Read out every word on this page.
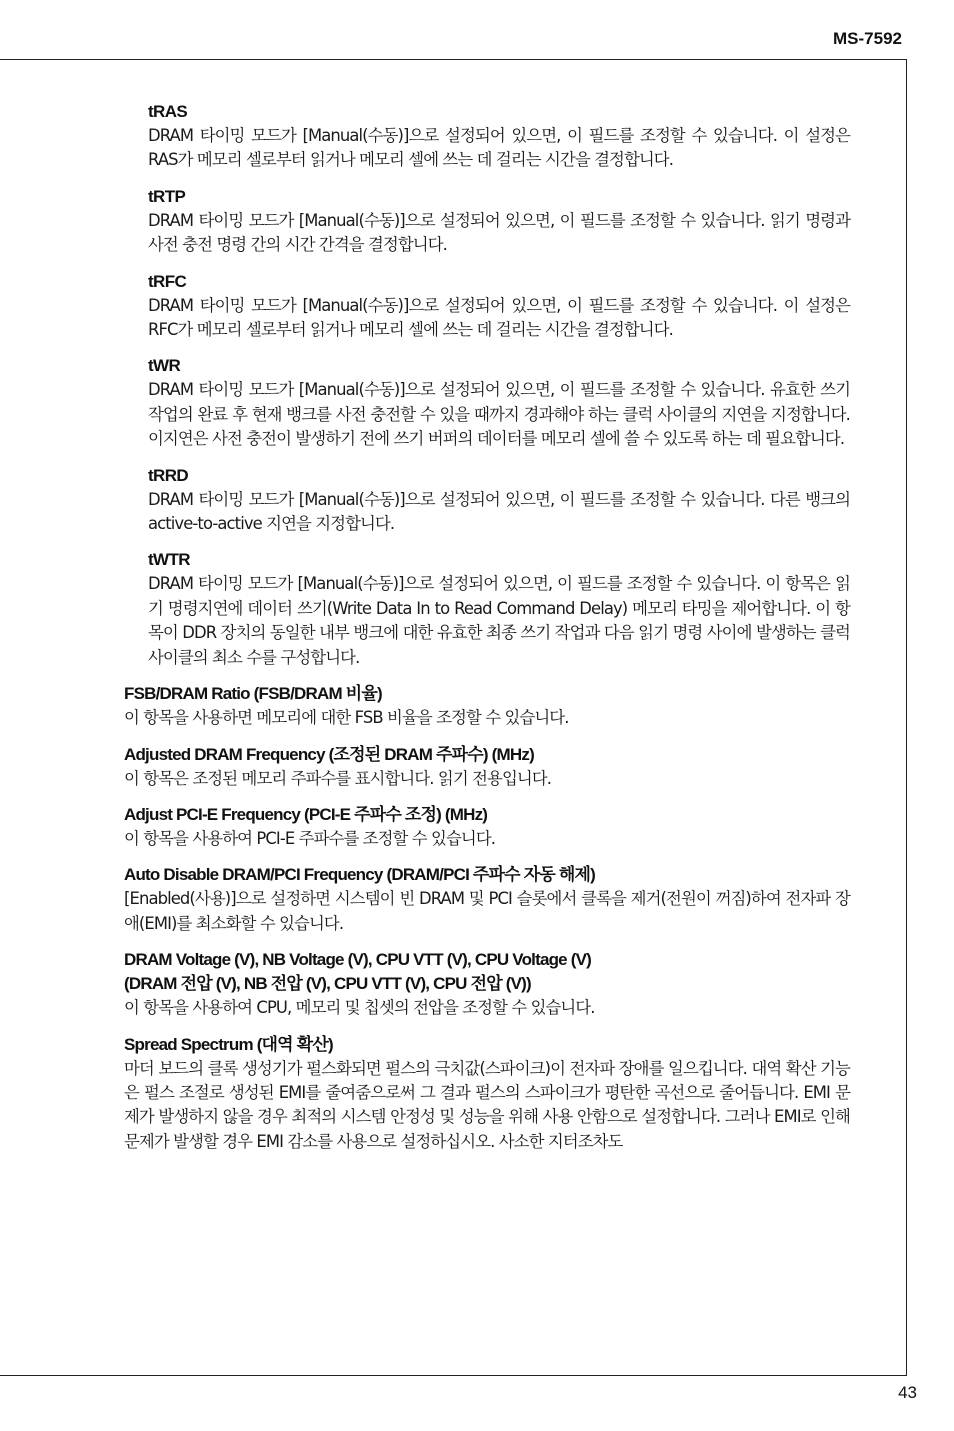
MS-7592
tRAS
DRAM 타이밍 모드가 [Manual(수동)]으로 설정되어 있으면, 이 필드를 조정할 수 있습니다. 이 설정은 RAS가 메모리 셀로부터 읽거나 메모리 셀에 쓰는 데 걸리는 시간을 결정합니다.
tRTP
DRAM 타이밍 모드가 [Manual(수동)]으로 설정되어 있으면, 이 필드를 조정할 수 있습니다. 읽기 명령과 사전 충전 명령 간의 시간 간격을 결정합니다.
tRFC
DRAM 타이밍 모드가 [Manual(수동)]으로 설정되어 있으면, 이 필드를 조정할 수 있습니다. 이 설정은 RFC가 메모리 셀로부터 읽거나 메모리 셀에 쓰는 데 걸리는 시간을 결정합니다.
tWR
DRAM 타이밍 모드가 [Manual(수동)]으로 설정되어 있으면, 이 필드를 조정할 수 있습니다. 유효한 쓰기 작업의 완료 후 현재 뱅크를 사전 충전할 수 있을 때까지 경과해야 하는 클럭 사이클의 지연을 지정합니다. 이지연은 사전 충전이 발생하기 전에 쓰기 버퍼의 데이터를 메모리 셀에 쓸 수 있도록 하는 데 필요합니다.
tRRD
DRAM 타이밍 모드가 [Manual(수동)]으로 설정되어 있으면, 이 필드를 조정할 수 있습니다. 다른 뱅크의 active-to-active 지연을 지정합니다.
tWTR
DRAM 타이밍 모드가 [Manual(수동)]으로 설정되어 있으면, 이 필드를 조정할 수 있습니다. 이 항목은 읽기 명령지연에 데이터 쓰기(Write Data In to Read Command Delay) 메모리 타밍을 제어합니다. 이 항목이 DDR 장치의 동일한 내부 뱅크에 대한 유효한 최종 쓰기 작업과 다음 읽기 명령 사이에 발생하는 클럭 사이클의 최소 수를 구성합니다.
FSB/DRAM Ratio (FSB/DRAM 비율)
이 항목을 사용하면 메모리에 대한 FSB 비율을 조정할 수 있습니다.
Adjusted DRAM Frequency (조정된 DRAM 주파수) (MHz)
이 항목은 조정된 메모리 주파수를 표시합니다. 읽기 전용입니다.
Adjust PCI-E Frequency (PCI-E 주파수 조정) (MHz)
이 항목을 사용하여 PCI-E 주파수를 조정할 수 있습니다.
Auto Disable DRAM/PCI Frequency (DRAM/PCI 주파수 자동 해제)
[Enabled(사용)]으로 설정하면 시스템이 빈 DRAM 및 PCI 슬롯에서 클록을 제거(전원이 꺼짐)하여 전자파 장애(EMI)를 최소화할 수 있습니다.
DRAM Voltage (V), NB Voltage (V), CPU VTT (V), CPU Voltage (V)
(DRAM 전압 (V), NB 전압 (V), CPU VTT (V), CPU 전압 (V))
이 항목을 사용하여 CPU, 메모리 및 칩셋의 전압을 조정할 수 있습니다.
Spread Spectrum (대역 확산)
마더 보드의 클록 생성기가 펄스화되면 펄스의 극치값(스파이크)이 전자파 장애를 일으킵니다. 대역 확산 기능은 펄스 조절로 생성된 EMI를 줄여줌으로써 그 결과 펄스의 스파이크가 평탄한 곡선으로 줄어듭니다. EMI 문제가 발생하지 않을 경우 최적의 시스템 안정성 및 성능을 위해 사용 안함으로 설정합니다. 그러나 EMI로 인해 문제가 발생할 경우 EMI 감소를 사용으로 설정하십시오. 사소한 지터조차도
43
